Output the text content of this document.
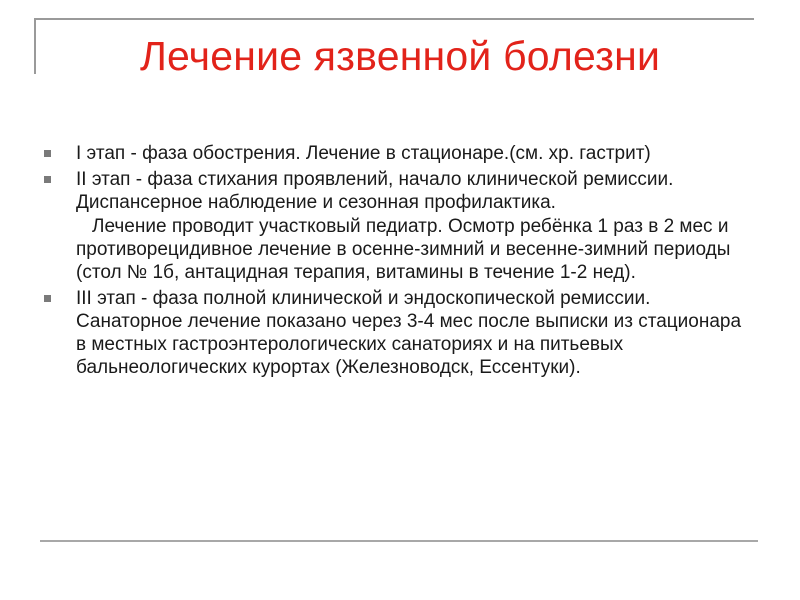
Лечение язвенной болезни
I этап - фаза обострения. Лечение в стационаре.(см. хр. гастрит)
II этап - фаза стихания проявлений, начало клинической ремиссии. Диспансерное наблюдение и сезонная профилактика.
Лечение проводит участковый педиатр. Осмотр ребёнка 1 раз в 2 мес и противорецидивное лечение в осенне-зимний и весенне-зимний периоды (стол № 1б, антацидная терапия, витамины в течение 1-2 нед).
III этап - фаза полной клинической и эндоскопической ремиссии. Санаторное лечение показано через 3-4 мес после выписки из стационара в местных гастроэнтерологических санаториях и на питьевых бальнеологических курортах (Железноводск, Ессентуки).
